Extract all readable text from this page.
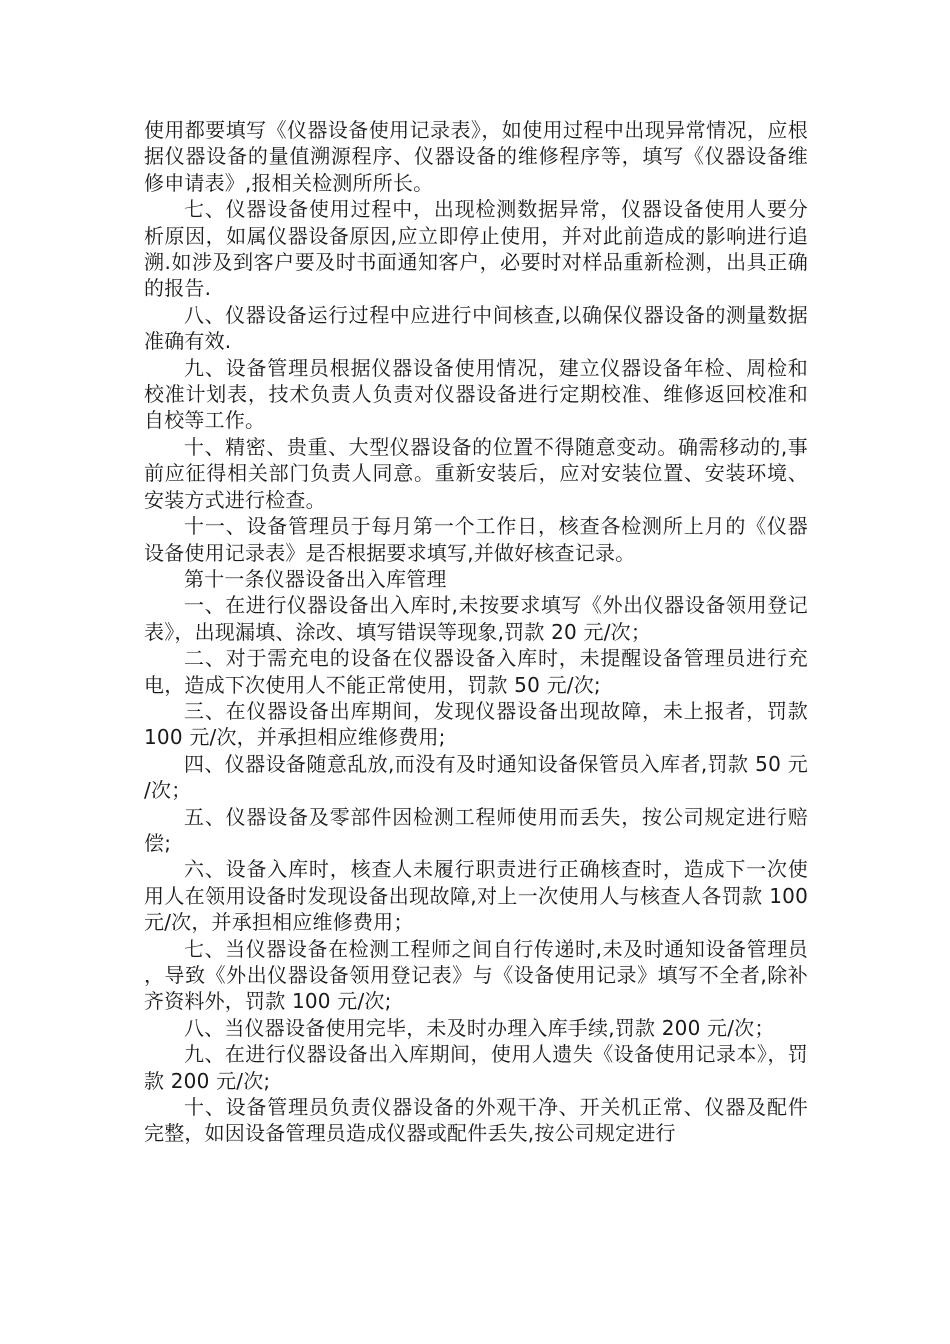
使用都要填写《仪器设备使用记录表》，如使用过程中出现异常情况，应根据仪器设备的量值溯源程序、仪器设备的维修程序等，填写《仪器设备维修申请表》,报相关检测所所长。

七、仪器设备使用过程中，出现检测数据异常，仪器设备使用人要分析原因，如属仪器设备原因,应立即停止使用，并对此前造成的影响进行追溯.如涉及到客户要及时书面通知客户，必要时对样品重新检测，出具正确的报告.

八、仪器设备运行过程中应进行中间核查,以确保仪器设备的测量数据准确有效.

九、设备管理员根据仪器设备使用情况，建立仪器设备年检、周检和校准计划表，技术负责人负责对仪器设备进行定期校准、维修返回校准和自校等工作。

十、精密、贵重、大型仪器设备的位置不得随意变动。确需移动的,事前应征得相关部门负责人同意。重新安装后，应对安装位置、安装环境、安装方式进行检查。

十一、设备管理员于每月第一个工作日，核查各检测所上月的《仪器设备使用记录表》是否根据要求填写,并做好核查记录。

第十一条仪器设备出入库管理

一、在进行仪器设备出入库时,未按要求填写《外出仪器设备领用登记表》，出现漏填、涂改、填写错误等现象,罚款 20 元/次；

二、对于需充电的设备在仪器设备入库时，未提醒设备管理员进行充电，造成下次使用人不能正常使用，罚款 50 元/次;

三、在仪器设备出库期间，发现仪器设备出现故障，未上报者，罚款 100 元/次，并承担相应维修费用;

四、仪器设备随意乱放,而没有及时通知设备保管员入库者,罚款 50 元/次；

五、仪器设备及零部件因检测工程师使用而丢失，按公司规定进行赔偿;

六、设备入库时，核查人未履行职责进行正确核查时，造成下一次使用人在领用设备时发现设备出现故障,对上一次使用人与核查人各罚款 100 元/次，并承担相应维修费用；

七、当仪器设备在检测工程师之间自行传递时,未及时通知设备管理员，导致《外出仪器设备领用登记表》与《设备使用记录》填写不全者,除补齐资料外，罚款 100 元/次;

八、当仪器设备使用完毕，未及时办理入库手续,罚款 200 元/次；

九、在进行仪器设备出入库期间，使用人遗失《设备使用记录本》，罚款 200 元/次;

十、设备管理员负责仪器设备的外观干净、开关机正常、仪器及配件完整，如因设备管理员造成仪器或配件丢失,按公司规定进行
